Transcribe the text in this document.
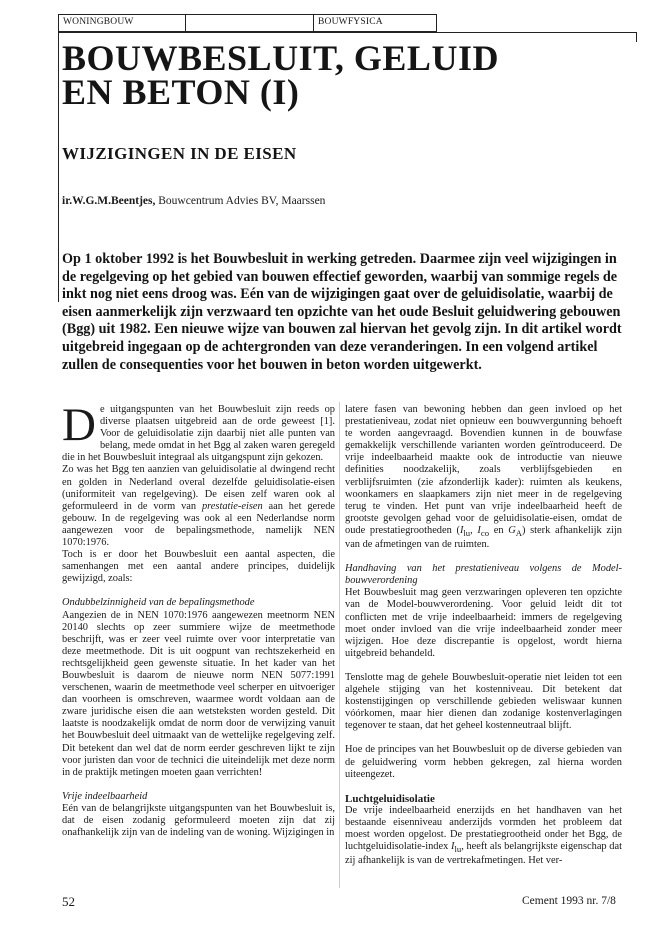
WONINGBOUW	BOUWFYSICA
BOUWBESLUIT, GELUID
EN BETON (I)
WIJZIGINGEN IN DE EISEN
ir.W.G.M.Beentjes, Bouwcentrum Advies BV, Maarssen

Op 1 oktober 1992 is het Bouwbesluit in werking getreden. Daarmee zijn veel wijzigingen in de regelgeving op het gebied van bouwen effectief geworden, waarbij van sommige regels de inkt nog niet eens droog was. Eén van de wijzigingen gaat over de geluidisolatie, waarbij de eisen aanmerkelijk zijn verzwaard ten opzichte van het oude Besluit geluidwering gebouwen (Bgg) uit 1982. Een nieuwe wijze van bouwen zal hiervan het gevolg zijn. In dit artikel wordt uitgebreid ingegaan op de achtergronden van deze veranderingen. In een volgend artikel zullen de consequenties voor het bouwen in beton worden uitgewerkt.

De uitgangspunten van het Bouwbesluit zijn reeds op diverse plaatsen uitgebreid aan de orde geweest [1]. Voor de geluidisolatie zijn daarbij niet alle punten van belang, mede omdat in het Bgg al zaken waren geregeld die in het Bouwbesluit integraal als uitgangspunt zijn gekozen.

Zo was het Bgg ten aanzien van geluidisolatie al dwingend recht en golden in Nederland overal dezelfde geluidisolatie-eisen (uniformiteit van regelgeving). De eisen zelf waren ook al geformuleerd in de vorm van prestatie-eisen aan het gerede gebouw. In de regelgeving was ook al een Nederlandse norm aangewezen voor de bepalingsmethode, namelijk NEN 1070:1976.

Toch is er door het Bouwbesluit een aantal aspecten, die samenhangen met een aantal andere principes, duidelijk gewijzigd, zoals:

Ondubbelzinnigheid van de bepalingsmethode

Aangezien de in NEN 1070:1976 aangewezen meetnorm NEN 20140 slechts op zeer summiere wijze de meetmethode beschrijft, was er zeer veel ruimte over voor interpretatie van deze meetmethode. Dit is uit oogpunt van rechtszekerheid en rechtsgelijkheid geen gewenste situatie. In het kader van het Bouwbesluit is daarom de nieuwe norm NEN 5077:1991 verschenen, waarin de meetmethode veel scherper en uitvoeriger dan voorheen is omschreven, waarmee wordt voldaan aan de zware juridische eisen die aan wetsteksten worden gesteld. Dit laatste is noodzakelijk omdat de norm door de verwijzing vanuit het Bouwbesluit deel uitmaakt van de wettelijke regelgeving zelf. Dit betekent dan wel dat de norm eerder geschreven lijkt te zijn voor juristen dan voor de technici die uiteindelijk met deze norm in de praktijk metingen moeten gaan verrichten!

Vrije indeelbaarheid

Eén van de belangrijkste uitgangspunten van het Bouwbesluit is, dat de eisen zodanig geformuleerd moeten zijn dat zij onafhankelijk zijn van de indeling van de woning. Wijzigingen in

latere fasen van bewoning hebben dan geen invloed op het prestatieniveau, zodat niet opnieuw een bouwvergunning behoeft te worden aangevraagd. Bovendien kunnen in de bouwfase gemakkelijk verschillende varianten worden geïntroduceerd. De vrije indeelbaarheid maakte ook de introductie van nieuwe definities noodzakelijk, zoals verblijfsgebieden en verblijfsruimten (zie afzonderlijk kader): ruimten als keukens, woonkamers en slaapkamers zijn niet meer in de regelgeving terug te vinden. Het punt van vrije indeelbaarheid heeft de grootste gevolgen gehad voor de geluidisolatie-eisen, omdat de oude prestatiegrootheden ($I_{lu}$, $I_{co}$ en $G_A$) sterk afhankelijk zijn van de afmetingen van de ruimten.

Handhaving van het prestatieniveau volgens de Model-bouwverordening

Het Bouwbesluit mag geen verzwaringen opleveren ten opzichte van de Model-bouwverordening. Voor geluid leidt dit tot conflicten met de vrije indeelbaarheid: immers de regelgeving moet onder invloed van die vrije indeelbaarheid zonder meer wijzigen. Hoe deze discrepantie is opgelost, wordt hierna uitgebreid behandeld.

Tenslotte mag de gehele Bouwbesluit-operatie niet leiden tot een algehele stijging van het kostenniveau. Dit betekent dat kostenstijgingen op verschillende gebieden weliswaar kunnen vóórkomen, maar hier dienen dan zodanige kostenverlagingen tegenover te staan, dat het geheel kostenneutraal blijft.

Hoe de principes van het Bouwbesluit op de diverse gebieden van de geluidwering vorm hebben gekregen, zal hierna worden uiteengezet.

Luchtgeluidisolatie

De vrije indeelbaarheid enerzijds en het handhaven van het bestaande eisenniveau anderzijds vormden het probleem dat moest worden opgelost. De prestatiegrootheid onder het Bgg, de luchtgeluidisolatie-index $I_{lu}$, heeft als belangrijkste eigenschap dat zij afhankelijk is van de vertrekafmetingen. Het ver-

52	Cement 1993 nr. 7/8
